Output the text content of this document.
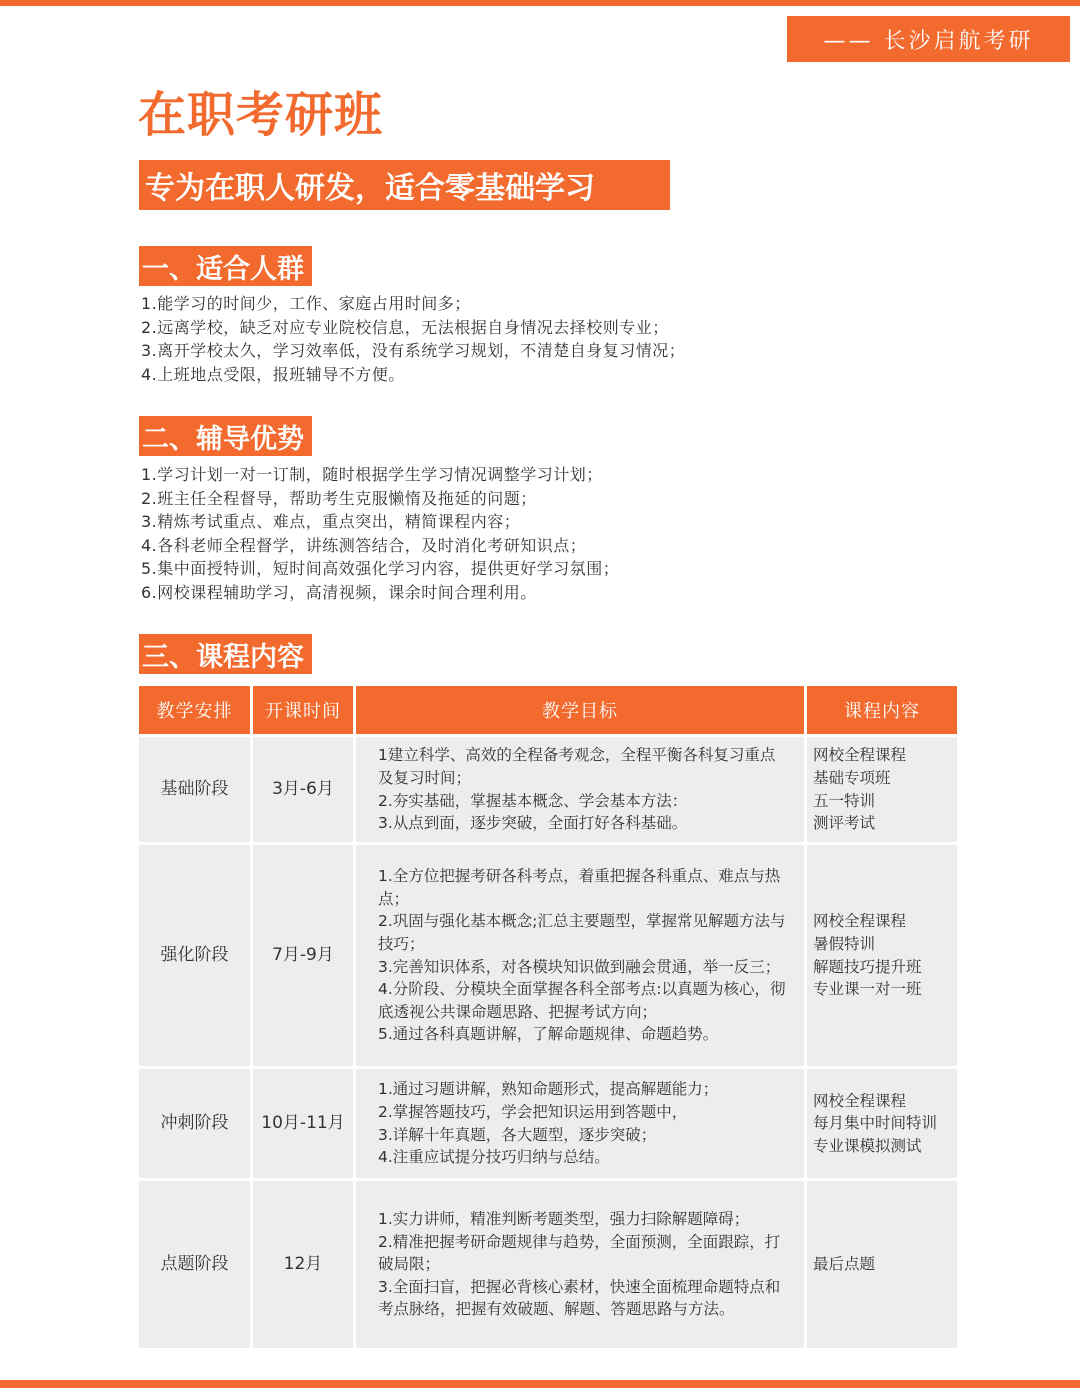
—— 长沙启航考研
在职考研班
专为在职人研发，适合零基础学习
一、适合人群
1.能学习的时间少，工作、家庭占用时间多；
2.远离学校，缺乏对应专业院校信息，无法根据自身情况去择校则专业；
3.离开学校太久，学习效率低，没有系统学习规划，不清楚自身复习情况；
4.上班地点受限，报班辅导不方便。
二、辅导优势
1.学习计划一对一订制，随时根据学生学习情况调整学习计划；
2.班主任全程督导，帮助考生克服懒惰及拖延的问题；
3.精炼考试重点、难点，重点突出，精简课程内容；
4.各科老师全程督学，讲练测答结合，及时消化考研知识点；
5.集中面授特训，短时间高效强化学习内容，提供更好学习氛围；
6.网校课程辅助学习，高清视频，课余时间合理利用。
三、课程内容
教学安排	开课时间	教学目标	课程内容
基础阶段	3月-6月	1建立科学、高效的全程备考观念，全程平衡各科复习重点及复习时间；
2.夯实基础，掌握基本概念、学会基本方法：
3.从点到面，逐步突破，全面打好各科基础。	网校全程课程
基础专项班
五一特训
测评考试

强化阶段	7月-9月	1.全方位把握考研各科考点，着重把握各科重点、难点与热点；
2.巩固与强化基本概念;汇总主要题型，掌握常见解题方法与技巧；
3.完善知识体系，对各模块知识做到融会贯通，举一反三；
4.分阶段、分模块全面掌握各科全部考点:以真题为核心，彻底透视公共课命题思路、把握考试方向；
5.通过各科真题讲解，了解命题规律、命题趋势。	网校全程课程
暑假特训
解题技巧提升班
专业课一对一班

冲刺阶段	10月-11月	1.通过习题讲解，熟知命题形式，提高解题能力；
2.掌握答题技巧，学会把知识运用到答题中，
3.详解十年真题，各大题型，逐步突破；
4.注重应试提分技巧归纳与总结。	网校全程课程
每月集中时间特训
专业课模拟测试

点题阶段	12月	1.实力讲师，精准判断考题类型，强力扫除解题障碍；
2.精准把握考研命题规律与趋势，全面预测，全面跟踪，打破局限；
3.全面扫盲，把握必背核心素材，快速全面梳理命题特点和考点脉络，把握有效破题、解题、答题思路与方法。	最后点题
